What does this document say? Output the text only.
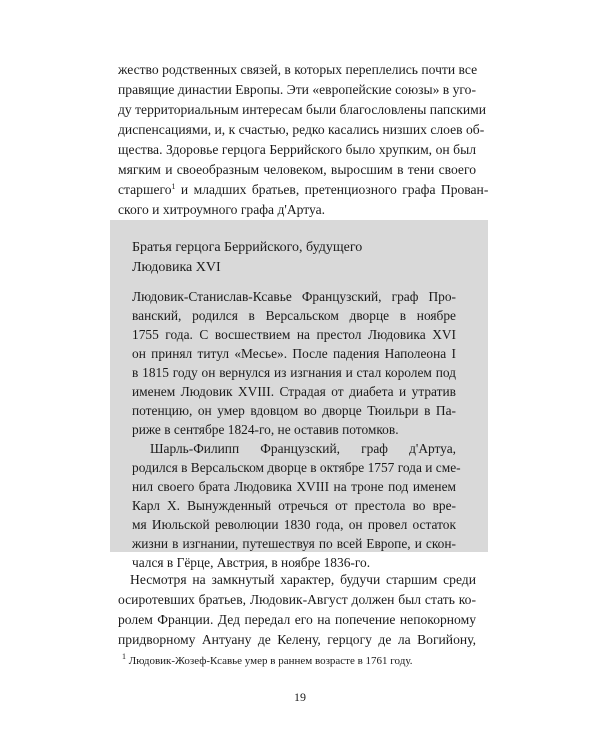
жество родственных связей, в которых переплелись почти все
правящие династии Европы. Эти «европейские союзы» в уго-
ду территориальным интересам были благословлены папскими
диспенсациями, и, к счастью, редко касались низших слоев об-
щества. Здоровье герцога Беррийского было хрупким, он был
мягким и своеобразным человеком, выросшим в тени своего
старшего$^1$ и младших братьев, претенциозного графа Прован-
ского и хитроумного графа д'Артуа.
Братья герцога Беррийского, будущего
Людовика XVI
Людовик-Станислав-Ксавье Французский, граф Про-
ванский, родился в Версальском дворце в ноябре
1755 года. С восшествием на престол Людовика XVI
он принял титул «Месье». После падения Наполеона I
в 1815 году он вернулся из изгнания и стал королем под
именем Людовик XVIII. Страдая от диабета и утратив
потенцию, он умер вдовцом во дворце Тюильри в Па-
риже в сентябре 1824-го, не оставив потомков.
Шарль-Филипп Французский, граф д'Артуа,
родился в Версальском дворце в октябре 1757 года и сме-
нил своего брата Людовика XVIII на троне под именем
Карл X. Вынужденный отречься от престола во вре-
мя Июльской революции 1830 года, он провел остаток
жизни в изгнании, путешествуя по всей Европе, и скон-
чался в Гёрце, Австрия, в ноябре 1836-го.
Несмотря на замкнутый характер, будучи старшим среди
осиротевших братьев, Людовик-Август должен был стать ко-
ролем Франции. Дед передал его на попечение непокорному
придворному Антуану де Келену, герцогу де ла Вогийону,
$^1$ Людовик-Жозеф-Ксавье умер в раннем возрасте в 1761 году.
19
